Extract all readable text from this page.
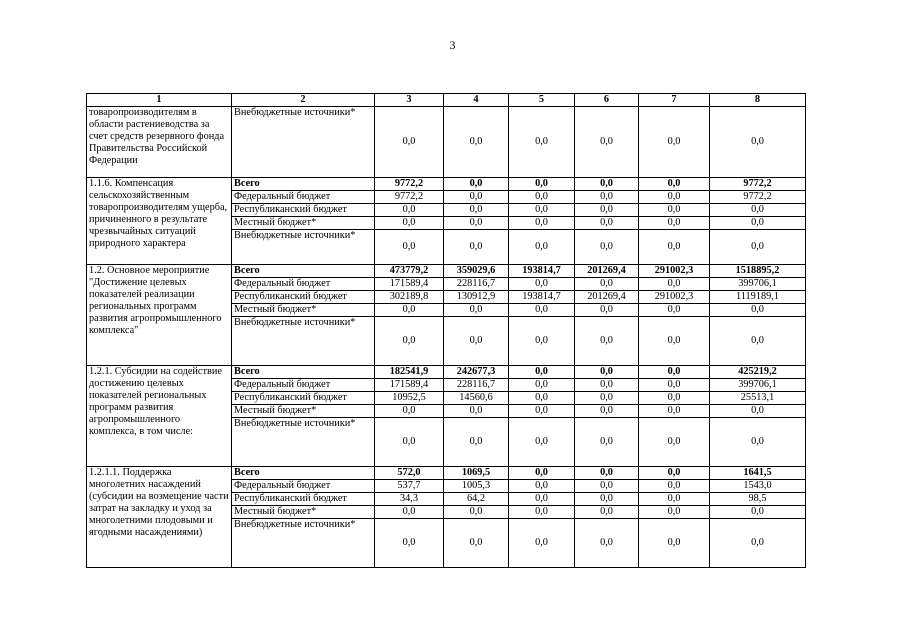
3
1	2	3	4	5	6	7	8
товаропроизводителям в области растениеводства за счет средств резервного фонда Правительства Российской Федерации	Внебюджетные источники*	0,0	0,0	0,0	0,0	0,0	0,0
1.1.6. Компенсация сельскохозяйственным товаропроизводителям ущерба, причиненного в результате чрезвычайных ситуаций природного характера	Всего	9772,2	0,0	0,0	0,0	0,0	9772,2
	Федеральный бюджет	9772,2	0,0	0,0	0,0	0,0	9772,2
	Республиканский бюджет	0,0	0,0	0,0	0,0	0,0	0,0
	Местный бюджет*	0,0	0,0	0,0	0,0	0,0	0,0
	Внебюджетные источники*	0,0	0,0	0,0	0,0	0,0	0,0
1.2. Основное мероприятие "Достижение целевых показателей реализации региональных программ развития агропромышленного комплекса"	Всего	473779,2	359029,6	193814,7	201269,4	291002,3	1518895,2
	Федеральный бюджет	171589,4	228116,7	0,0	0,0	0,0	399706,1
	Республиканский бюджет	302189,8	130912,9	193814,7	201269,4	291002,3	1119189,1
	Местный бюджет*	0,0	0,0	0,0	0,0	0,0	0,0
	Внебюджетные источники*	0,0	0,0	0,0	0,0	0,0	0,0
1.2.1. Субсидии на содействие достижению целевых показателей региональных программ развития агропромышленного комплекса, в том числе:	Всего	182541,9	242677,3	0,0	0,0	0,0	425219,2
	Федеральный бюджет	171589,4	228116,7	0,0	0,0	0,0	399706,1
	Республиканский бюджет	10952,5	14560,6	0,0	0,0	0,0	25513,1
	Местный бюджет*	0,0	0,0	0,0	0,0	0,0	0,0
	Внебюджетные источники*	0,0	0,0	0,0	0,0	0,0	0,0
1.2.1.1. Поддержка многолетних насаждений (субсидии на возмещение части затрат на закладку и уход за многолетними плодовыми и ягодными насаждениями)	Всего	572,0	1069,5	0,0	0,0	0,0	1641,5
	Федеральный бюджет	537,7	1005,3	0,0	0,0	0,0	1543,0
	Республиканский бюджет	34,3	64,2	0,0	0,0	0,0	98,5
	Местный бюджет*	0,0	0,0	0,0	0,0	0,0	0,0
	Внебюджетные источники*	0,0	0,0	0,0	0,0	0,0	0,0
